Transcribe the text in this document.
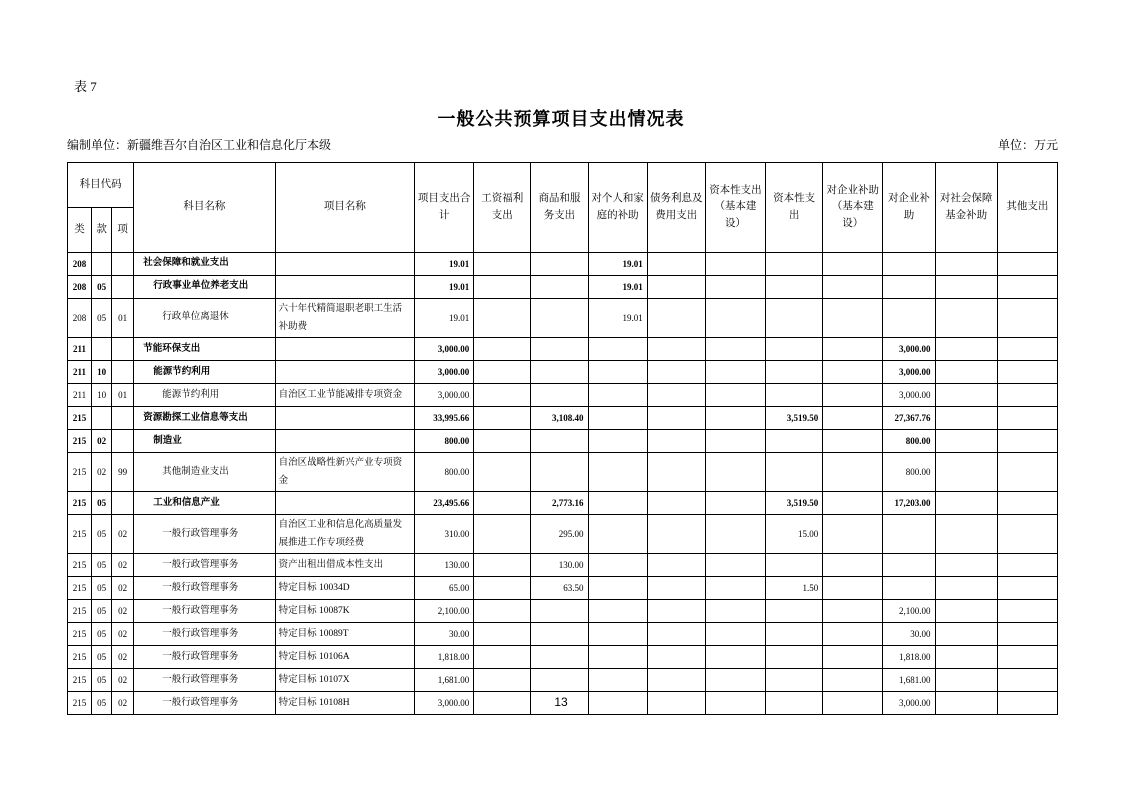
表 7
一般公共预算项目支出情况表
编制单位：新疆维吾尔自治区工业和信息化厅本级	单位：万元
科目代码			科目名称	项目名称	项目支出合计	工资福利支出	商品和服务支出	对个人和家庭的补助	债务利息及费用支出	资本性支出（基本建设）	资本性支出	对企业补助（基本建设）	对企业补助	对社会保障基金补助	其他支出
类	款	项													
208			社会保障和就业支出		19.01			19.01							
208	05		行政事业单位养老支出		19.01			19.01							
208	05	01	行政单位离退休	六十年代精简退职老职工生活补助费	19.01			19.01							
211			节能环保支出		3,000.00								3,000.00		
211	10		能源节约利用		3,000.00								3,000.00		
211	10	01	能源节约利用	自治区工业节能减排专项资金	3,000.00								3,000.00		
215			资源勘探工业信息等支出		33,995.66		3,108.40				3,519.50		27,367.76		
215	02		制造业		800.00								800.00		
215	02	99	其他制造业支出	自治区战略性新兴产业专项资金	800.00								800.00		
215	05		工业和信息产业		23,495.66		2,773.16				3,519.50		17,203.00		
215	05	02	一般行政管理事务	自治区工业和信息化高质量发展推进工作专项经费	310.00		295.00				15.00				
215	05	02	一般行政管理事务	资产出租出借成本性支出	130.00		130.00								
215	05	02	一般行政管理事务	特定目标 10034D	65.00		63.50				1.50				
215	05	02	一般行政管理事务	特定目标 10087K	2,100.00								2,100.00		
215	05	02	一般行政管理事务	特定目标 10089T	30.00								30.00		
215	05	02	一般行政管理事务	特定目标 10106A	1,818.00								1,818.00		
215	05	02	一般行政管理事务	特定目标 10107X	1,681.00								1,681.00		
215	05	02	一般行政管理事务	特定目标 10108H	3,000.00								3,000.00		
13
